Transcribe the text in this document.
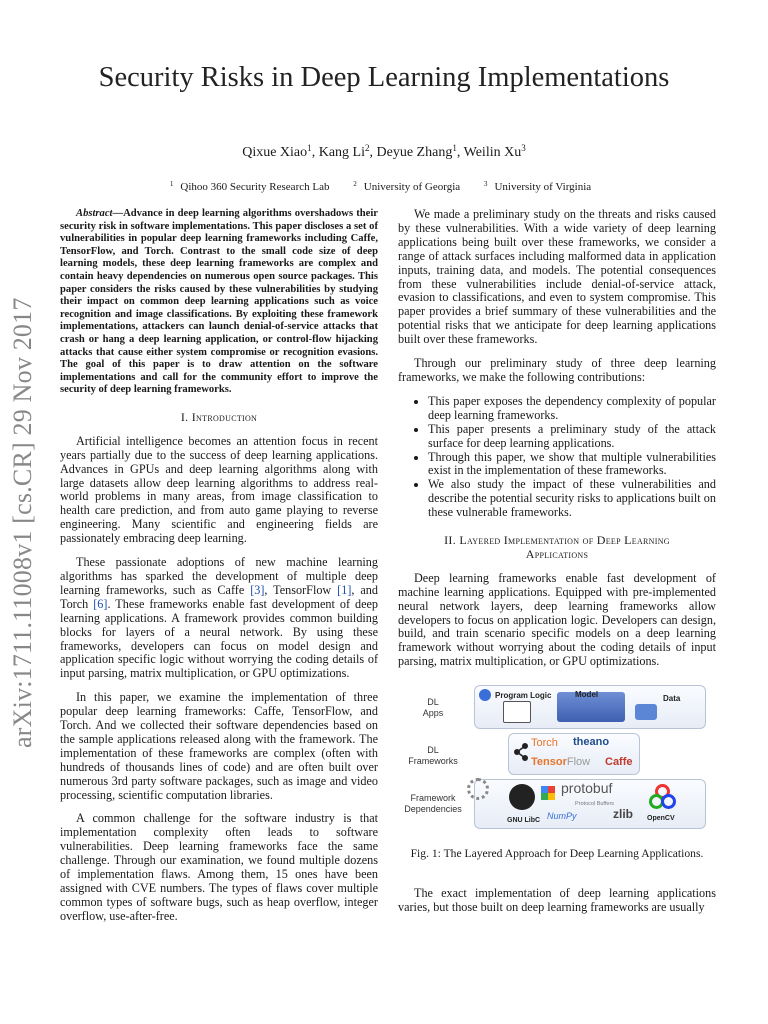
arXiv:1711.11008v1 [cs.CR] 29 Nov 2017
Security Risks in Deep Learning Implementations
Qixue Xiao$^1$, Kang Li$^2$, Deyue Zhang$^1$, Weilin Xu$^3$
$^1$ Qihoo 360 Security Research Lab	$^2$ University of Georgia	$^3$ University of Virginia

Abstract—Advance in deep learning algorithms overshadows their security risk in software implementations. This paper discloses a set of vulnerabilities in popular deep learning frameworks including Caffe, TensorFlow, and Torch. Contrast to the small code size of deep learning models, these deep learning frameworks are complex and contain heavy dependencies on numerous open source packages. This paper considers the risks caused by these vulnerabilities by studying their impact on common deep learning applications such as voice recognition and image classifications. By exploiting these framework implementations, attackers can launch denial-of-service attacks that crash or hang a deep learning application, or control-flow hijacking attacks that cause either system compromise or recognition evasions. The goal of this paper is to draw attention on the software implementations and call for the community effort to improve the security of deep learning frameworks.

I. Introduction

Artificial intelligence becomes an attention focus in recent years partially due to the success of deep learning applications. Advances in GPUs and deep learning algorithms along with large datasets allow deep learning algorithms to address real-world problems in many areas, from image classification to health care prediction, and from auto game playing to reverse engineering. Many scientific and engineering fields are passionately embracing deep learning.

These passionate adoptions of new machine learning algorithms has sparked the development of multiple deep learning frameworks, such as Caffe [3], TensorFlow [1], and Torch [6]. These frameworks enable fast development of deep learning applications. A framework provides common building blocks for layers of a neural network. By using these frameworks, developers can focus on model design and application specific logic without worrying the coding details of input parsing, matrix multiplication, or GPU optimizations.

In this paper, we examine the implementation of three popular deep learning frameworks: Caffe, TensorFlow, and Torch. And we collected their software dependencies based on the sample applications released along with the framework. The implementation of these frameworks are complex (often with hundreds of thousands lines of code) and are often built over numerous 3rd party software packages, such as image and video processing, scientific computation libraries.

A common challenge for the software industry is that implementation complexity often leads to software vulnerabilities. Deep learning frameworks face the same challenge. Through our examination, we found multiple dozens of implementation flaws. Among them, 15 ones have been assigned with CVE numbers. The types of flaws cover multiple common types of software bugs, such as heap overflow, integer overflow, use-after-free.

We made a preliminary study on the threats and risks caused by these vulnerabilities. With a wide variety of deep learning applications being built over these frameworks, we consider a range of attack surfaces including malformed data in application inputs, training data, and models. The potential consequences from these vulnerabilities include denial-of-service attack, evasion to classifications, and even to system compromise. This paper provides a brief summary of these vulnerabilities and the potential risks that we anticipate for deep learning applications built over these frameworks.

Through our preliminary study of three deep learning frameworks, we make the following contributions:

• This paper exposes the dependency complexity of popular deep learning frameworks.
• This paper presents a preliminary study of the attack surface for deep learning applications.
• Through this paper, we show that multiple vulnerabilities exist in the implementation of these frameworks.
• We also study the impact of these vulnerabilities and describe the potential security risks to applications built on these vulnerable frameworks.
II. Layered Implementation of Deep Learning
Applications

Deep learning frameworks enable fast development of machine learning applications. Equipped with pre-implemented neural network layers, deep learning frameworks allow developers to focus on application logic. Developers can design, build, and train scenario specific models on a deep learning framework without worrying about the coding details of input parsing, matrix multiplication, or GPU optimizations.

DL
Apps
DL
Frameworks
Framework
Dependencies
Program Logic	Model	Data
Torch theano
TensorFlow Caffe
GNU LibC
protobuf
Protocol Buffers
NumPy	zlib OpenCV

Fig. 1: The Layered Approach for Deep Learning Applications.

The exact implementation of deep learning applications varies, but those built on deep learning frameworks are usually
